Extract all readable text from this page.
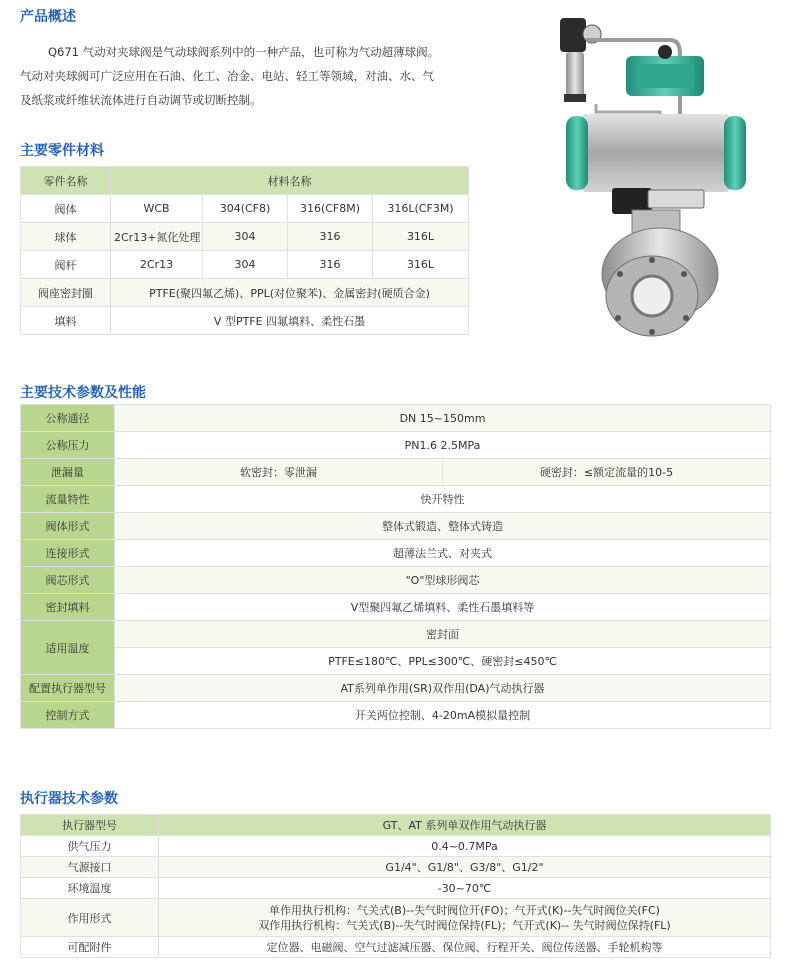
产品概述

Q671 气动对夹球阀是气动球阀系列中的一种产品，也可称为气动超薄球阀。
气动对夹球阀可广泛应用在石油、化工、冶金、电站、轻工等领域，对油、水、气
及纸浆或纤维状流体进行自动调节或切断控制。

主要零件材料
零件名称	材料名称			
阀体	WCB	304(CF8)	316(CF8M)	316L(CF3M)
球体	2Cr13+氮化处理	304	316	316L
阀杆	2Cr13	304	316	316L
阀座密封圈	PTFE(聚四氟乙烯)、PPL(对位聚苯)、金属密封(硬质合金)			
填料	V 型PTFE 四氟填料、柔性石墨			
主要技术参数及性能
公称通径	DN 15~150mm	
公称压力	PN1.6 2.5MPa	
泄漏量	软密封：零泄漏	硬密封：≤额定流量的10-5
流量特性	快开特性	
阀体形式	整体式锻造、整体式铸造	
连接形式	超薄法兰式、对夹式	
阀芯形式	"O"型球形阀芯	
密封填料	V型聚四氟乙烯填料、柔性石墨填料等	
适用温度	密封面	
	PTFE≤180℃、PPL≤300℃、硬密封≤450℃	
配置执行器型号	AT系列单作用(SR)双作用(DA)气动执行器	
控制方式	开关两位控制、4-20mA模拟量控制	
执行器技术参数
执行器型号	GT、AT 系列单双作用气动执行器
供气压力	0.4~0.7MPa
气源接口	G1/4"、G1/8"、G3/8"、G1/2"
环境温度	-30~70℃
作用形式	单作用执行机构：气关式(B)--失气时阀位开(FO)；气开式(K)--失气时阀位关(FC)
双作用执行机构：气关式(B)--失气时阀位保持(FL)；气开式(K)-- 失气时阀位保持(FL)
可配附件	定位器、电磁阀、空气过滤减压器、保位阀、行程开关、阀位传送器、手轮机构等
